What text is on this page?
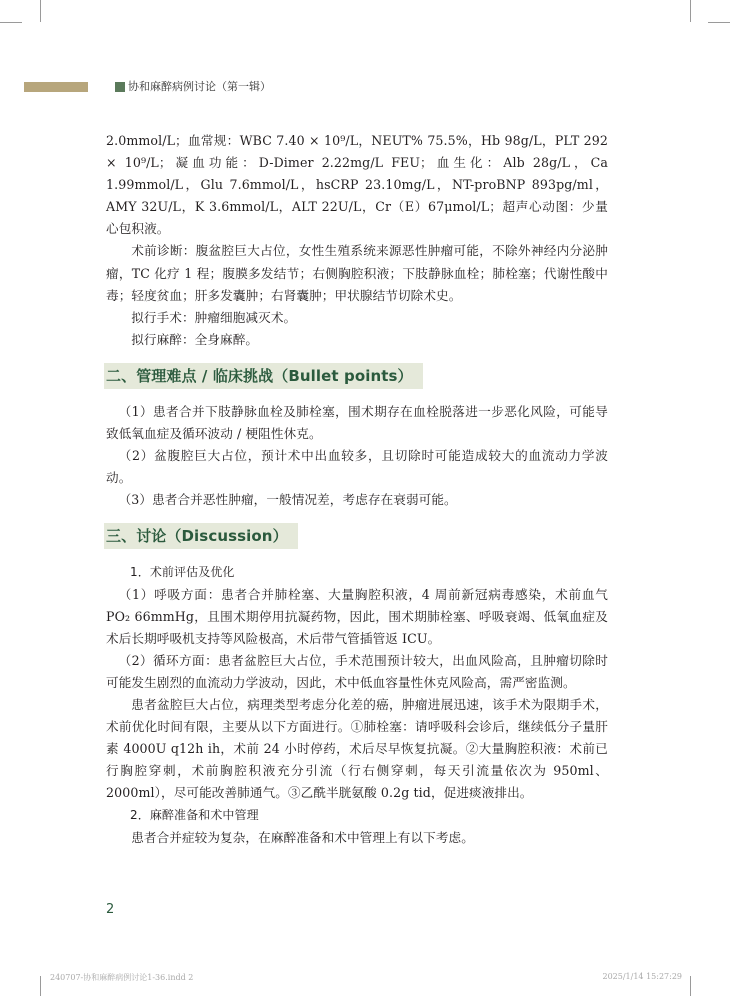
协和麻醉病例讨论（第一辑）

2.0mmol/L；血常规：WBC 7.40 × 10⁹/L，NEUT% 75.5%，Hb 98g/L，PLT 292 × 10⁹/L；凝血功能：D-Dimer 2.22mg/L FEU；血生化：Alb 28g/L，Ca 1.99mmol/L，Glu 7.6mmol/L，hsCRP 23.10mg/L，NT-proBNP 893pg/ml，AMY 32U/L，K 3.6mmol/L，ALT 22U/L，Cr（E）67μmol/L；超声心动图：少量心包积液。

术前诊断：腹盆腔巨大占位，女性生殖系统来源恶性肿瘤可能，不除外神经内分泌肿瘤，TC 化疗 1 程；腹膜多发结节；右侧胸腔积液；下肢静脉血栓；肺栓塞；代谢性酸中毒；轻度贫血；肝多发囊肿；右肾囊肿；甲状腺结节切除术史。

拟行手术：肿瘤细胞减灭术。

拟行麻醉：全身麻醉。

二、管理难点 / 临床挑战（Bullet points）

（1）患者合并下肢静脉血栓及肺栓塞，围术期存在血栓脱落进一步恶化风险，可能导致低氧血症及循环波动 / 梗阻性休克。

（2）盆腹腔巨大占位，预计术中出血较多，且切除时可能造成较大的血流动力学波动。

（3）患者合并恶性肿瘤，一般情况差，考虑存在衰弱可能。

三、讨论（Discussion）

1．术前评估及优化

（1）呼吸方面：患者合并肺栓塞、大量胸腔积液，4 周前新冠病毒感染，术前血气 PO₂ 66mmHg，且围术期停用抗凝药物，因此，围术期肺栓塞、呼吸衰竭、低氧血症及术后长期呼吸机支持等风险极高，术后带气管插管返 ICU。

（2）循环方面：患者盆腔巨大占位，手术范围预计较大，出血风险高，且肿瘤切除时可能发生剧烈的血流动力学波动，因此，术中低血容量性休克风险高，需严密监测。

患者盆腔巨大占位，病理类型考虑分化差的癌，肿瘤进展迅速，该手术为限期手术，术前优化时间有限，主要从以下方面进行。①肺栓塞：请呼吸科会诊后，继续低分子量肝素 4000U q12h ih，术前 24 小时停药，术后尽早恢复抗凝。②大量胸腔积液：术前已行胸腔穿刺，术前胸腔积液充分引流（行右侧穿刺，每天引流量依次为 950ml、2000ml），尽可能改善肺通气。③乙酰半胱氨酸 0.2g tid，促进痰液排出。

2．麻醉准备和术中管理

患者合并症较为复杂，在麻醉准备和术中管理上有以下考虑。

2
240707-协和麻醉病例讨论1-36.indd 2	2025/1/14 15:27:29
